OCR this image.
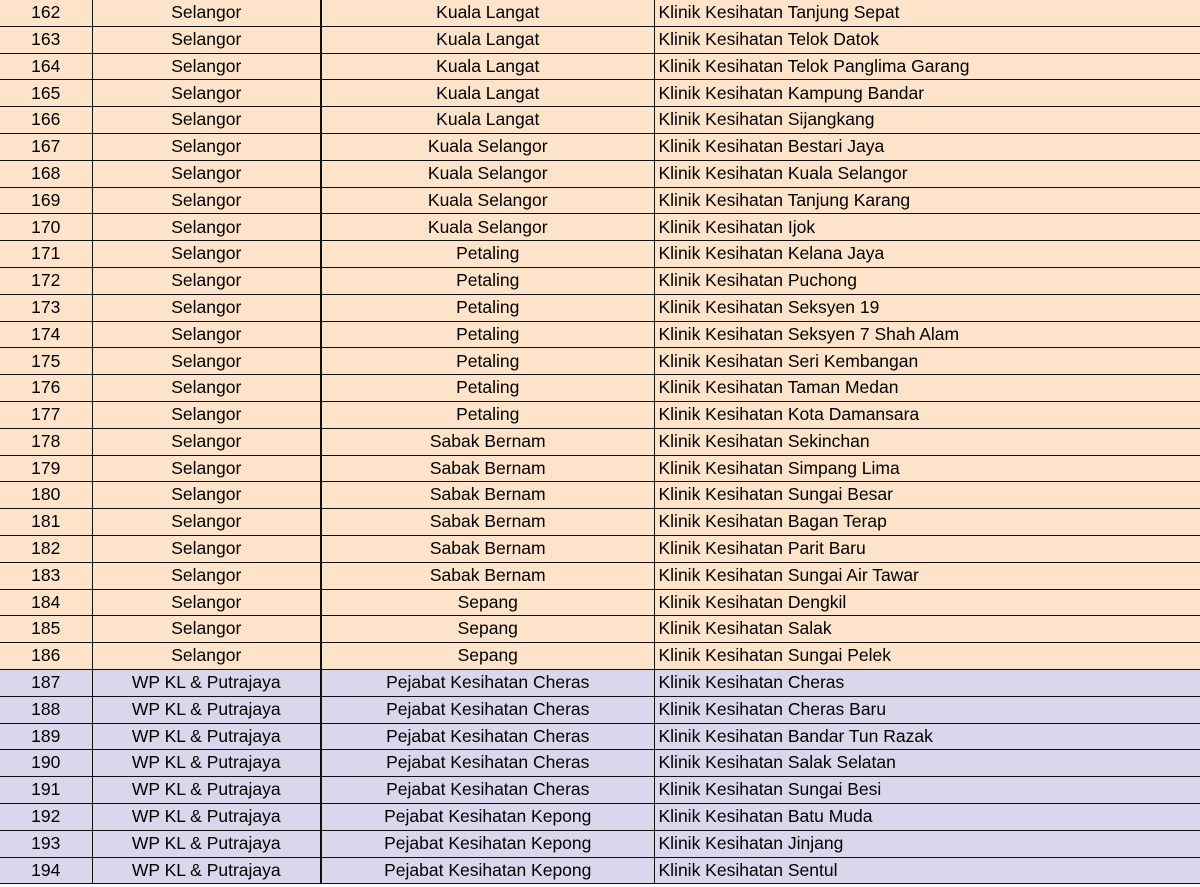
162	Selangor	Kuala Langat	Klinik Kesihatan Tanjung Sepat
163	Selangor	Kuala Langat	Klinik Kesihatan Telok Datok
164	Selangor	Kuala Langat	Klinik Kesihatan Telok Panglima Garang
165	Selangor	Kuala Langat	Klinik Kesihatan Kampung Bandar
166	Selangor	Kuala Langat	Klinik Kesihatan Sijangkang
167	Selangor	Kuala Selangor	Klinik Kesihatan Bestari Jaya
168	Selangor	Kuala Selangor	Klinik Kesihatan Kuala Selangor
169	Selangor	Kuala Selangor	Klinik Kesihatan Tanjung Karang
170	Selangor	Kuala Selangor	Klinik Kesihatan Ijok
171	Selangor	Petaling	Klinik Kesihatan Kelana Jaya
172	Selangor	Petaling	Klinik Kesihatan Puchong
173	Selangor	Petaling	Klinik Kesihatan Seksyen 19
174	Selangor	Petaling	Klinik Kesihatan Seksyen 7 Shah Alam
175	Selangor	Petaling	Klinik Kesihatan Seri Kembangan
176	Selangor	Petaling	Klinik Kesihatan Taman Medan
177	Selangor	Petaling	Klinik Kesihatan Kota Damansara
178	Selangor	Sabak Bernam	Klinik Kesihatan Sekinchan
179	Selangor	Sabak Bernam	Klinik Kesihatan Simpang Lima
180	Selangor	Sabak Bernam	Klinik Kesihatan Sungai Besar
181	Selangor	Sabak Bernam	Klinik Kesihatan Bagan Terap
182	Selangor	Sabak Bernam	Klinik Kesihatan Parit Baru
183	Selangor	Sabak Bernam	Klinik Kesihatan Sungai Air Tawar
184	Selangor	Sepang	Klinik Kesihatan Dengkil
185	Selangor	Sepang	Klinik Kesihatan Salak
186	Selangor	Sepang	Klinik Kesihatan Sungai Pelek
187	WP KL & Putrajaya	Pejabat Kesihatan Cheras	Klinik Kesihatan Cheras
188	WP KL & Putrajaya	Pejabat Kesihatan Cheras	Klinik Kesihatan Cheras Baru
189	WP KL & Putrajaya	Pejabat Kesihatan Cheras	Klinik Kesihatan Bandar Tun Razak
190	WP KL & Putrajaya	Pejabat Kesihatan Cheras	Klinik Kesihatan Salak Selatan
191	WP KL & Putrajaya	Pejabat Kesihatan Cheras	Klinik Kesihatan Sungai Besi
192	WP KL & Putrajaya	Pejabat Kesihatan Kepong	Klinik Kesihatan Batu Muda
193	WP KL & Putrajaya	Pejabat Kesihatan Kepong	Klinik Kesihatan Jinjang
194	WP KL & Putrajaya	Pejabat Kesihatan Kepong	Klinik Kesihatan Sentul
